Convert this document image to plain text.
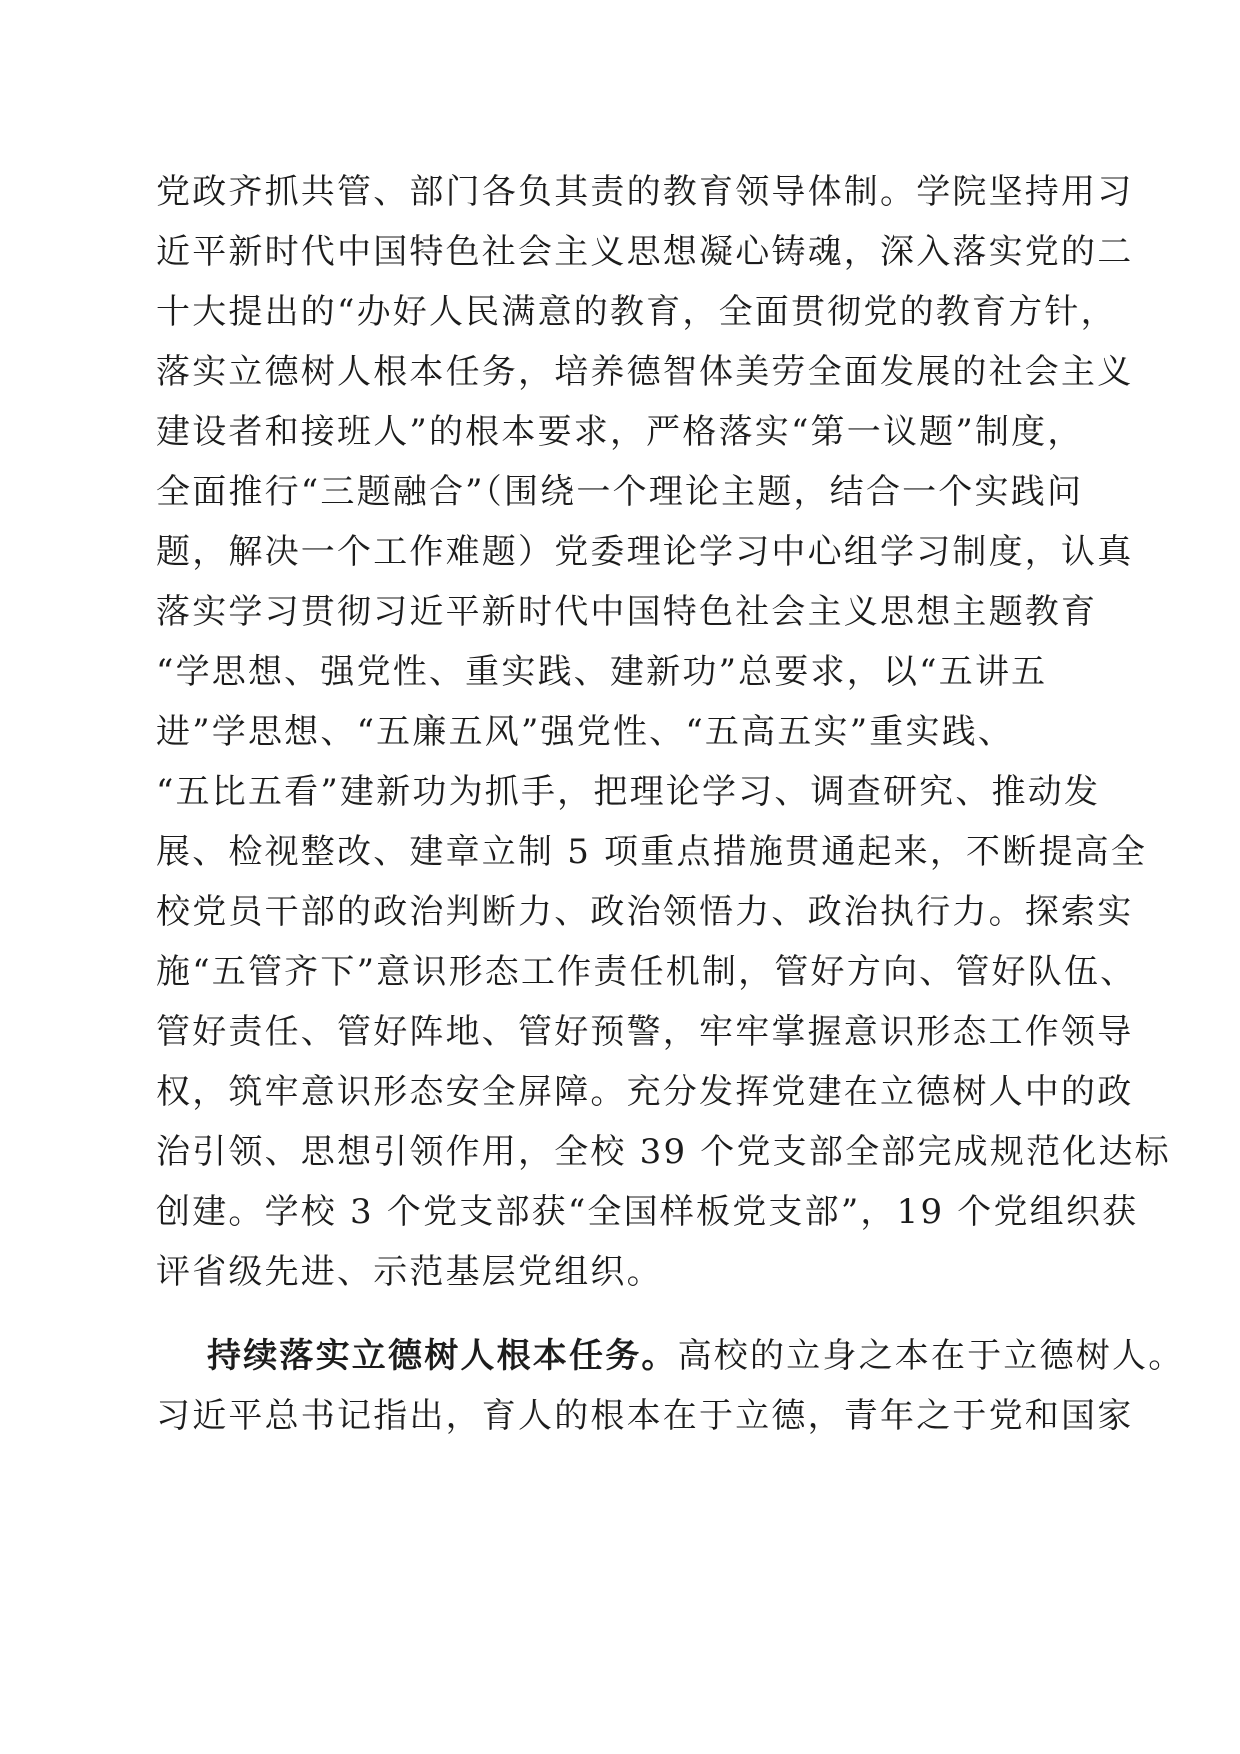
党政齐抓共管、部门各负其责的教育领导体制。学院坚持用习
近平新时代中国特色社会主义思想凝心铸魂，深入落实党的二
十大提出的“办好人民满意的教育，全面贯彻党的教育方针，
落实立德树人根本任务，培养德智体美劳全面发展的社会主义
建设者和接班人”的根本要求，严格落实“第一议题”制度，
全面推行“三题融合”（围绕一个理论主题，结合一个实践问
题，解决一个工作难题）党委理论学习中心组学习制度，认真
落实学习贯彻习近平新时代中国特色社会主义思想主题教育
“学思想、强党性、重实践、建新功”总要求，以“五讲五
进”学思想、“五廉五风”强党性、“五高五实”重实践、
“五比五看”建新功为抓手，把理论学习、调查研究、推动发
展、检视整改、建章立制 5 项重点措施贯通起来，不断提高全
校党员干部的政治判断力、政治领悟力、政治执行力。探索实
施“五管齐下”意识形态工作责任机制，管好方向、管好队伍、
管好责任、管好阵地、管好预警，牢牢掌握意识形态工作领导
权，筑牢意识形态安全屏障。充分发挥党建在立德树人中的政
治引领、思想引领作用，全校 39 个党支部全部完成规范化达标
创建。学校 3 个党支部获“全国样板党支部”，19 个党组织获
评省级先进、示范基层党组织。
持续落实立德树人根本任务。高校的立身之本在于立德树人。
习近平总书记指出，育人的根本在于立德，青年之于党和国家
